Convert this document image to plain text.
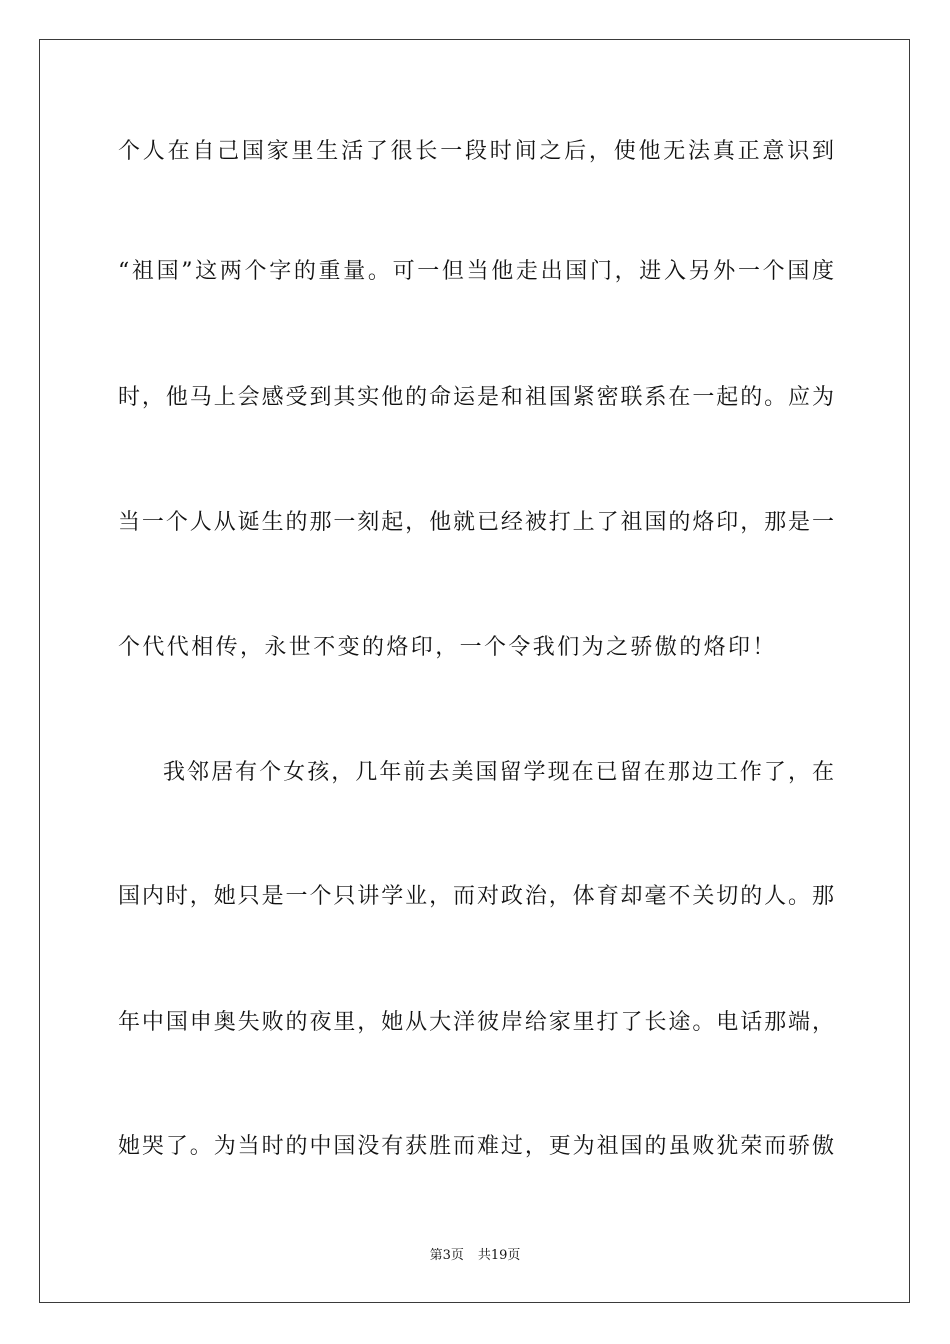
个人在自己国家里生活了很长一段时间之后，使他无法真正意识到
“祖国”这两个字的重量。可一但当他走出国门，进入另外一个国度
时，他马上会感受到其实他的命运是和祖国紧密联系在一起的。应为
当一个人从诞生的那一刻起，他就已经被打上了祖国的烙印，那是一
个代代相传，永世不变的烙印，一个令我们为之骄傲的烙印！
我邻居有个女孩，几年前去美国留学现在已留在那边工作了，在
国内时，她只是一个只讲学业，而对政治，体育却毫不关切的人。那
年中国申奥失败的夜里，她从大洋彼岸给家里打了长途。电话那端，
她哭了。为当时的中国没有获胜而难过，更为祖国的虽败犹荣而骄傲
第3页 共19页
